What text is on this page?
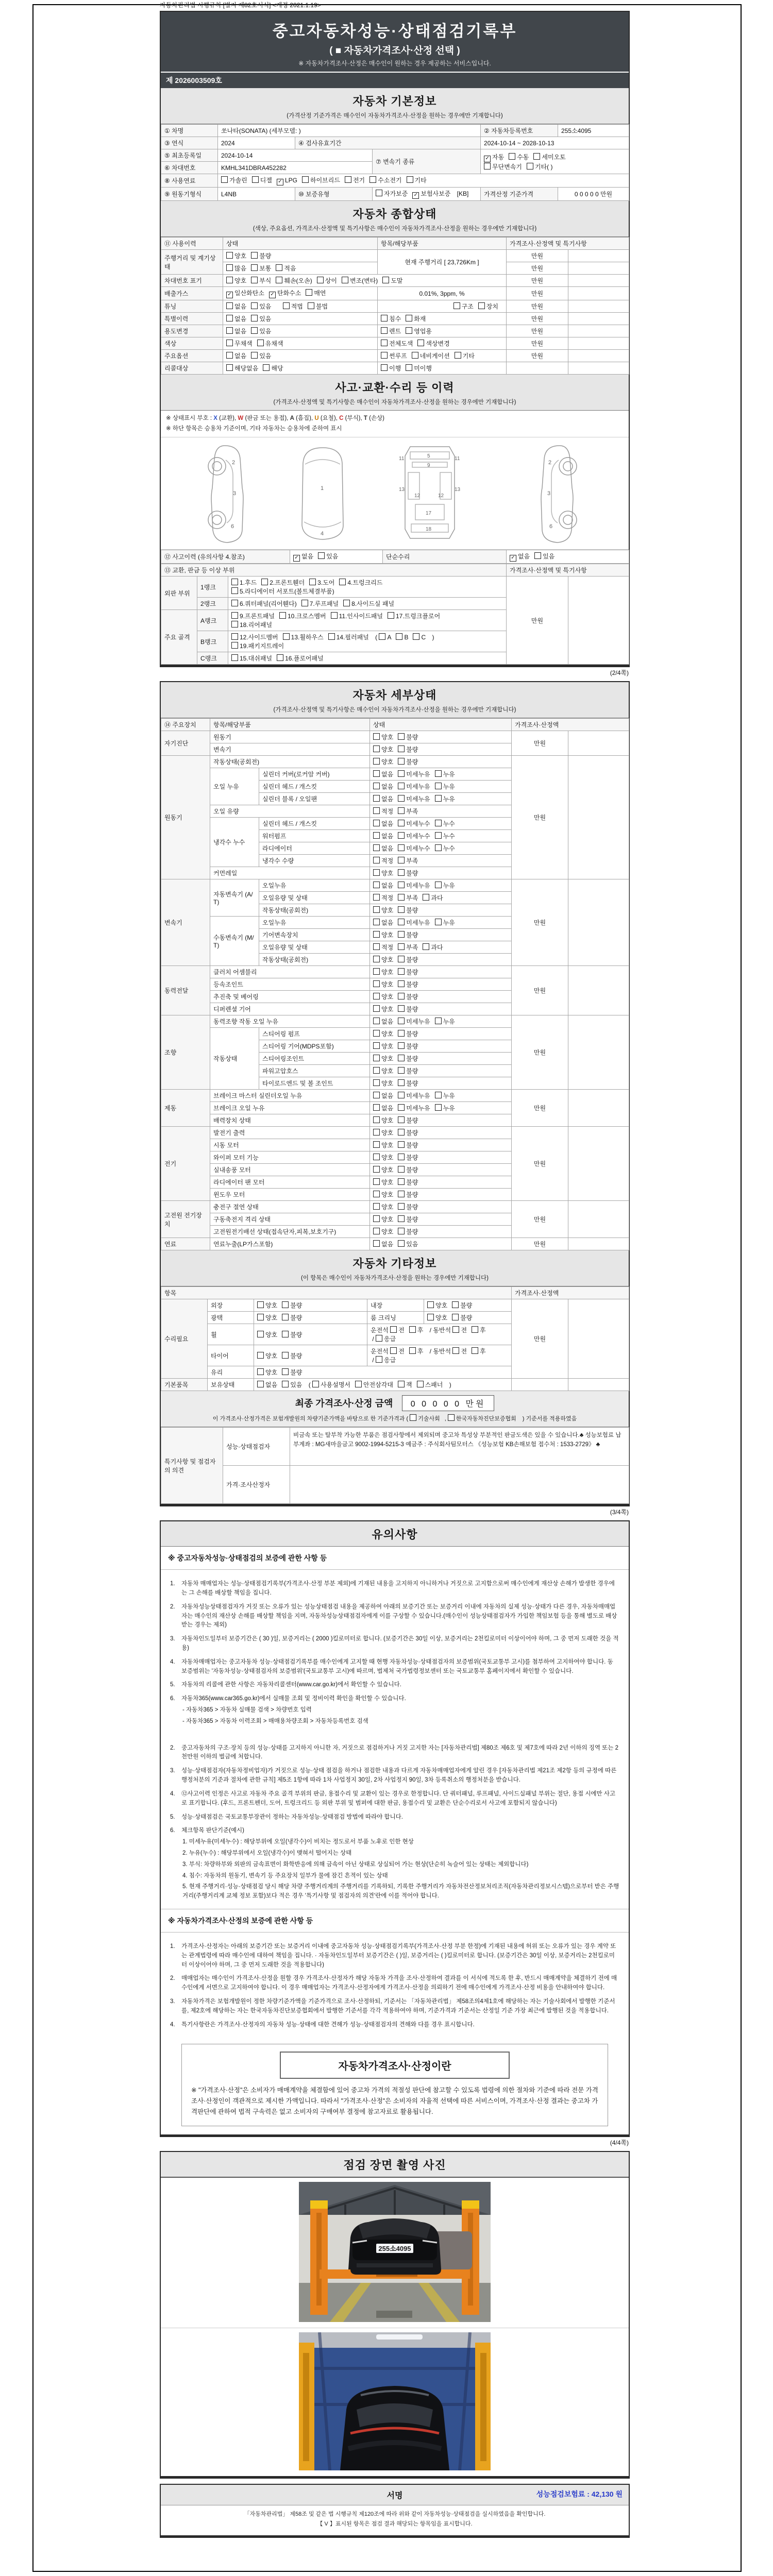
자동차관리법 시행규칙 [별지 제82호서식] <개정 2021.1.19>
중고자동차성능·상태점검기록부
( ■ 자동차가격조사·산정 선택 )
※ 자동차가격조사·산정은 매수인이 원하는 경우 제공하는 서비스입니다.
제 2026003509호
자동차 기본정보
(가격산정 기준가격은 매수인이 자동차가격조사·산정을 원하는 경우에만 기재합니다)
① 차명	쏘나타(SONATA) (세부모델: )			② 자동차등록번호	255소4095
③ 연식	2024	④ 검사유효기간		2024-10-14 ~ 2028-10-13	
⑤ 최초등록일	2024-10-14		⑦ 변속기 종류	✓ 자동 수동 세미오토
무단변속기 기타( )	
⑥ 차대번호	KMHL341DBRA452282				
⑧ 사용연료	가솔린 디젤 ✓ LPG 하이브리드 전기 수소전기 기타				
⑨ 원동기형식	L4NB	⑩ 보증유형	자가보증 ✓ 보험사보증 [KB]	가격산정 기준가격	0 0 0 0 0 만원
자동차 종합상태
(색상, 주요옵션, 가격조사·산정액 및 특기사항은 매수인이 자동차가격조사·산정을 원하는 경우에만 기재합니다)
⑪ 사용이력	상태	항목/해당부품	가격조사·산정액 및 특기사항	
주행거리 및 계기상태	양호 불량	현재 주행거리 [ 23,726Km ]	만원	
	많음 보통 적음		만원	
차대번호 표기	양호 부식 훼손(오손) 상이 변조(변타) 도말		만원	
배출가스	✓ 일산화탄소 ✓ 탄화수소 매연	0.01%, 3ppm, %	만원	
튜닝	없음 있음 적법 불법	구조 장치	만원	
특별이력	없음 있음	침수 화재	만원	
용도변경	없음 있음	렌트 영업용	만원	
색상	무채색 유채색	전체도색 색상변경	만원	
주요옵션	없음 있음	썬루프 네비게이션 기타	만원	
리콜대상	해당없음 해당	이행 미이행		
사고·교환·수리 등 이력
(가격조사·산정액 및 특기사항은 매수인이 자동차가격조사·산정을 원하는 경우에만 기재합니다)
※ 상태표시 부호 : X (교환), W (판금 또는 용접), A (흠집), U (요철), C (부식), T (손상)
※ 하단 항목은 승용차 기준이며, 기타 자동차는 승용차에 준하여 표시
2
3
6
1
4
11	11
5
9
13	13
12	12
17
18
2
3
6
⑫ 사고이력 (유의사항 4.참조)	✓ 없음 있음	단순수리	✓ 없음 있음
⑬ 교환, 판금 등 이상 부위			가격조사·산정액 및 특기사항	
외판 부위	1랭크	1.후드 2.프론트휀더 3.도어 4.트렁크리드
5.라디에이터 서포트(볼트체결부품)	만원	
	2랭크	6.쿼터패널(리어휀다) 7.루프패널 8.사이드실 패널		
주요 골격	A랭크	9.프론트패널 10.크로스멤버 11.인사이드패널 17.트렁크플로어
18.리어패널		
	B랭크	12.사이드멤버 13.휠하우스 14.필러패널 ( A B C )
19.패키지트레이		
	C랭크	15.대쉬패널 16.플로어패널		
(2/4쪽)
자동차 세부상태
(가격조사·산정액 및 특기사항은 매수인이 자동차가격조사·산정을 원하는 경우에만 기재합니다)
⑭ 주요장치	항목/해당부품		상태	가격조사·산정액	
자기진단	원동기		양호 불량	만원	
	변속기		양호 불량		
원동기	작동상태(공회전)		양호 불량	만원	
	오일 누유	실린더 커버(로커암 커버)	없음 미세누유 누유		
		실린더 헤드 / 개스킷	없음 미세누유 누유		
		실린더 블록 / 오일팬	없음 미세누유 누유		
	오일 유량		적정 부족		
	냉각수 누수	실린더 헤드 / 개스킷	없음 미세누수 누수		
		워터펌프	없음 미세누수 누수		
		라디에이터	없음 미세누수 누수		
		냉각수 수량	적정 부족		
	커먼레일		양호 불량		
변속기	자동변속기 (A/T)	오일누유	없음 미세누유 누유	만원	
		오일유량 및 상태	적정 부족 과다		
		작동상태(공회전)	양호 불량		
	수동변속기 (M/T)	오일누유	없음 미세누유 누유		
		기어변속장치	양호 불량		
		오일유량 및 상태	적정 부족 과다		
		작동상태(공회전)	양호 불량		
동력전달	클러치 어셈블리		양호 불량	만원	
	등속조인트		양호 불량		
	추진축 및 베어링		양호 불량		
	디퍼렌셜 기어		양호 불량		
조향	동력조향 작동 오일 누유		없음 미세누유 누유	만원	
	작동상태	스티어링 펌프	양호 불량		
		스티어링 기어(MDPS포함)	양호 불량		
		스티어링조인트	양호 불량		
		파워고압호스	양호 불량		
		타이로드엔드 및 볼 조인트	양호 불량		
제동	브레이크 마스터 실린더오일 누유		없음 미세누유 누유	만원	
	브레이크 오일 누유		없음 미세누유 누유		
	배력장치 상태		양호 불량		
전기	발전기 출력		양호 불량	만원	
	시동 모터		양호 불량		
	와이퍼 모터 기능		양호 불량		
	실내송풍 모터		양호 불량		
	라디에이터 팬 모터		양호 불량		
	윈도우 모터		양호 불량		
고전원 전기장치	충전구 절연 상태		양호 불량	만원	
	구동축전지 격리 상태		양호 불량		
	고전원전기배선 상태(접속단자,피복,보호기구)		양호 불량		
연료	연료누출(LP가스포함)		없음 있음	만원	
자동차 기타정보
(이 항목은 매수인이 자동차가격조사·산정을 원하는 경우에만 기재합니다)
항목					가격조사·산정액	
수리필요	외장	양호 불량	내장	양호 불량	만원	
	광택	양호 불량	룸 크리닝	양호 불량		
	휠	양호 불량	운전석 전 후 / 동반석 전 후 / 응급			
	타이어	양호 불량	운전석 전 후 / 동반석 전 후 / 응급			
	유리	양호 불량				
기본품목	보유상태	없음 있음 ( 사용설명서 안전삼각대 잭 스패너 )				
최종 가격조사·산정 금액 0 0 0 0 0 만원
이 가격조사·산정가격은 보험개발원의 차량기준가액을 바탕으로 한 기준가격과 ( 기술사회 , 한국자동차진단보증협회 ) 기준서를 적용하였음
특기사항 및 점검자의 의견	성능·상태점검자	비금속 또는 탈부착 가능한 부품은 점검사항에서 제외되며 중고차 특성상 부분적인 판금도색은 있을 수 있습니다.♣ 성능보험료 납부계좌 : MG새마을금고 9002-1994-5215-3 예금주 : 주식회사팀모터스 《성능보험 KB손해보험 접수처 : 1533-2729》 ♣
	가격·조사산정자	
(3/4쪽)
유의사항
※ 중고자동차성능·상태점검의 보증에 관한 사항 등
1.	자동차 매매업자는 성능·상태점검기록부(가격조사·산정 부분 제외)에 기재된 내용을 고지하지 아니하거나 거짓으로 고지함으로써 매수인에게 재산상 손해가 발생한 경우에는 그 손해를 배상할 책임을 집니다.
2.	자동차성능상태점검자가 거짓 또는 오류가 있는 성능상태점검 내용을 제공하여 아래의 보증기간 또는 보증거리 이내에 자동차의 실제 성능·상태가 다른 경우, 자동차매매업자는 매수인의 재산상 손해를 배상할 책임을 지며, 자동차성능상태점검자에게 이를 구상할 수 있습니다.(매수인이 성능상태점검자가 가입한 책임보험 등을 통해 별도로 배상받는 경우는 제외)
3.	자동차인도일부터 보증기간은 ( 30 )일, 보증거리는 ( 2000 )킬로미터로 합니다. (보증기간은 30일 이상, 보증거리는 2천킬로미터 이상이어야 하며, 그 중 먼저 도래한 것을 적용)
4.	자동차매매업자는 중고자동차 성능·상태점검기록부를 매수인에게 고지할 때 현행 자동차성능·상태점검자의 보증범위(국토교통부 고시)를 첨부하여 고지하여야 합니다. 동 보증범위는 '자동차성능·상태점검자의 보증범위'(국토교통부 고시)에 따르며, 법제처 국가법령정보센터 또는 국토교통부 홈페이지에서 확인할 수 있습니다.
5.	자동차의 리콜에 관한 사항은 자동차리콜센터(www.car.go.kr)에서 확인할 수 있습니다.
6.	자동차365(www.car365.go.kr)에서 실매물 조회 및 정비이력 확인을 확인할 수 있습니다.
- 자동차365 > 자동차 실매물 검색 > 차량번호 입력
- 자동차365 > 자동차 이력조회 > 매매용차량조회 > 자동차등록번호 검색
2.	중고자동차의 구조·장치 등의 성능·상태를 고지하지 아니한 자, 거짓으로 점검하거나 거짓 고지한 자는 [자동차관리법] 제80조 제6호 및 제7호에 따라 2년 이하의 징역 또는 2천만원 이하의 벌금에 처합니다.
3.	성능·상태점검자(자동차정비업자)가 거짓으로 성능·상태 점검을 하거나 점검한 내용과 다르게 자동차매매업자에게 알린 경우 [자동차관리법 제21조 제2항 등의 규정에 따른 행정처분의 기준과 절차에 관한 규칙] 제5조 1항에 따라 1차 사업정지 30일, 2차 사업정지 90일, 3차 등록취소의 행정처분을 받습니다.
4.	⑫사고이력 인정은 사고로 자동차 주요 골격 부위의 판금, 용접수리 및 교환이 있는 경우로 한정합니다. 단 쿼터패널, 루프패널, 사이드실패널 부위는 절단, 용접 시에만 사고로 표기합니다. (후드, 프론트펜더, 도어, 트렁크리드 등 외판 부위 및 범퍼에 대한 판금, 용접수리 및 교환은 단순수리로서 사고에 포함되지 않습니다)
5.	성능·상태점검은 국토교통부장관이 정하는 자동차성능·상태점검 방법에 따라야 합니다.
6.	체크항목 판단기준(예시)
1. 미세누유(미세누수) : 해당부위에 오일(냉각수)이 비치는 정도로서 부품 노후로 인한 현상
2. 누유(누수) : 해당부위에서 오일(냉각수)이 맺혀서 떨어지는 상태
3. 부식: 차량하부와 외판의 금속표면이 화학반응에 의해 금속이 아닌 상태로 상실되어 가는 현상(단순히 녹슬어 있는 상태는 제외합니다)
4. 침수: 자동차의 원동기, 변속기 등 주요장치 일부가 물에 잠긴 흔적이 있는 상태
5. 현재 주행거리·성능·상태점검 당시 해당 차량 주행거리계의 주행거리를 기록하되, 기록한 주행거리가 자동차전산정보처리조직(자동차관리정보시스템)으로부터 받은 주행거리(주행거리계 교체 정보 포함)보다 적은 경우 '특기사항 및 점검자의 의견'란에 이를 적어야 합니다.
※ 자동차가격조사·산정의 보증에 관한 사항 등
1.	가격조사·산정자는 아래의 보증기간 또는 보증거리 이내에 중고자동차 성능·상태점검기록부(가격조사·산정 부분 한정)에 기재된 내용에 허위 또는 오류가 있는 경우 계약 또는 관계법령에 따라 매수인에 대하여 책임을 집니다. · 자동차인도일부터 보증기간은 ( )일, 보증거리는 ( )킬로미터로 합니다. (보증기간은 30일 이상, 보증거리는 2천킬로미터 이상이어야 하며, 그 중 먼저 도래한 것을 적용합니다)
2.	매매업자는 매수인이 가격조사·산정을 원할 경우 가격조사·산정자가 해당 자동차 가격을 조사·산정하여 결과를 이 서식에 적도록 한 후, 반드시 매매계약을 체결하기 전에 매수인에게 서면으로 고지하여야 합니다. 이 경우 매매업자는 가격조사·산정자에게 가격조사·산정을 의뢰하기 전에 매수인에게 가격조사·산정 비용을 안내하여야 합니다.
3.	자동차가격은 보험개발원이 정한 차량기준가액을 기준가격으로 조사·산정하되, 기준서는 「자동차관리법」 제58조의4제1호에 해당하는 자는 기술사회에서 발행한 기준서를, 제2호에 해당하는 자는 한국자동차진단보증협회에서 발행한 기준서를 각각 적용하여야 하며, 기준가격과 기준서는 산정일 기준 가장 최근에 발행된 것을 적용합니다.
4.	특기사항란은 가격조사·산정자의 자동차 성능·상태에 대한 견해가 성능·상태점검자의 견해와 다를 경우 표시합니다.
자동차가격조사·산정이란
※ "가격조사·산정"은 소비자가 매매계약을 체결함에 있어 중고차 가격의 적절성 판단에 참고할 수 있도록 법령에 의한 절차와 기준에 따라 전문 가격조사·산정인이 객관적으로 제시한 가액입니다. 따라서 "가격조사·산정"은 소비자의 자율적 선택에 따른 서비스이며, 가격조사·산정 결과는 중고차 가격판단에 관하여 법적 구속력은 없고 소비자의 구매여부 결정에 참고자료로 활용됩니다.
(4/4쪽)
점검 장면 촬영 사진
255소4095
서명	성능점검보험료 : 42,130 원
「자동차관리법」 제58조 및 같은 법 시행규칙 제120조에 따라 위와 같이 자동차성능·상태점검을 실시하였음을 확인합니다.
【 V 】표시된 항목은 점검 결과 해당되는 항목임을 표시합니다.
